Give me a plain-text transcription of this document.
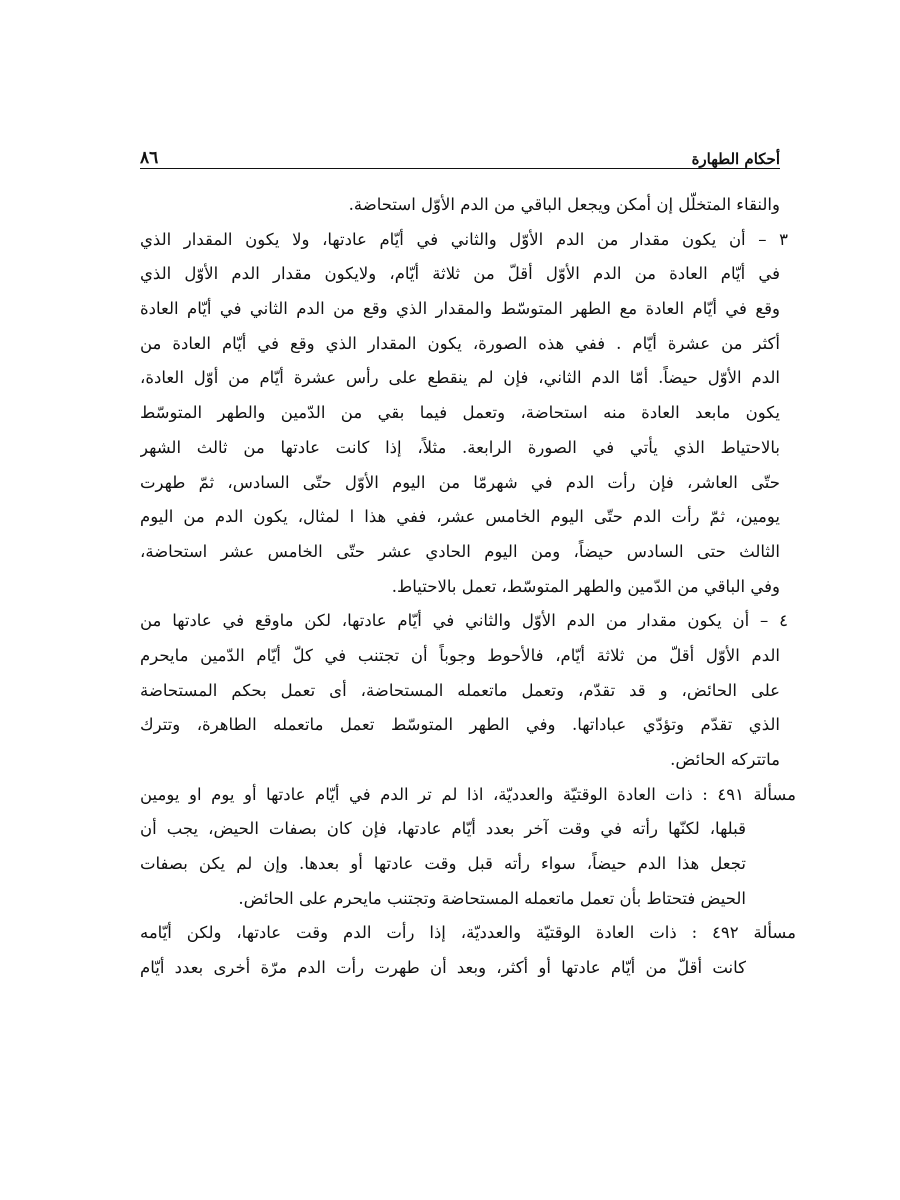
أحكام الطهارة
٨٦
والنقاء المتخلّل إن أمكن ويجعل الباقي من الدم الأوّل استحاضة.
٣ – أن يكون مقدار من الدم الأوّل والثاني في أيّام عادتها، ولا يكون المقدار الذي
في أيّام العادة من الدم الأوّل أقلّ من ثلاثة أيّام، ولايكون مقدار الدم الأوّل الذي
وقع في أيّام العادة مع الطهر المتوسّط والمقدار الذي وقع من الدم الثاني في أيّام العادة
أكثر من عشرة أيّام . ففي هذه الصورة، يكون المقدار الذي وقع في أيّام العادة من
الدم الأوّل حيضاً. أمّا الدم الثاني، فإن لم ينقطع على رأس عشرة أيّام من أوّل العادة،
يكون مابعد العادة منه استحاضة، وتعمل فيما بقي من الدّمين والطهر المتوسّط
بالاحتياط الذي يأتي في الصورة الرابعة. مثلاً، إذا كانت عادتها من ثالث الشهر
حتّى العاشر، فإن رأت الدم في شهرمّا من اليوم الأوّل حتّى السادس، ثمّ طهرت
يومين، ثمّ رأت الدم حتّى اليوم الخامس عشر، ففي هذا ا لمثال، يكون الدم من اليوم
الثالث حتى السادس حيضاً، ومن اليوم الحادي عشر حتّى الخامس عشر استحاضة،
وفي الباقي من الدّمين والطهر المتوسّط، تعمل بالاحتياط.
٤ – أن يكون مقدار من الدم الأوّل والثاني في أيّام عادتها، لكن ماوقع في عادتها من
الدم الأوّل أقلّ من ثلاثة أيّام، فالأحوط وجوباً أن تجتنب في كلّ أيّام الدّمين مايحرم
على الحائض، و قد تقدّم، وتعمل ماتعمله المستحاضة، أى تعمل بحكم المستحاضة
الذي تقدّم وتؤدّي عباداتها. وفي الطهر المتوسّط تعمل ماتعمله الطاهرة، وتترك
ماتتركه الحائض.
مسألة ٤٩١ : ذات العادة الوقتيّة والعدديّة، اذا لم تر الدم في أيّام عادتها أو يوم او يومين
قبلها، لكنّها رأته في وقت آخر بعدد أيّام عادتها، فإن كان بصفات الحيض، يجب أن
تجعل هذا الدم حيضاً، سواء رأته قبل وقت عادتها أو بعدها. وإن لم يكن بصفات
الحيض فتحتاط بأن تعمل ماتعمله المستحاضة وتجتنب مايحرم على الحائض.
مسألة ٤٩٢ : ذات العادة الوقتيّة والعدديّة، إذا رأت الدم وقت عادتها، ولكن أيّامه
كانت أقلّ من أيّام عادتها أو أكثر، وبعد أن طهرت رأت الدم مرّة أخرى بعدد أيّام
